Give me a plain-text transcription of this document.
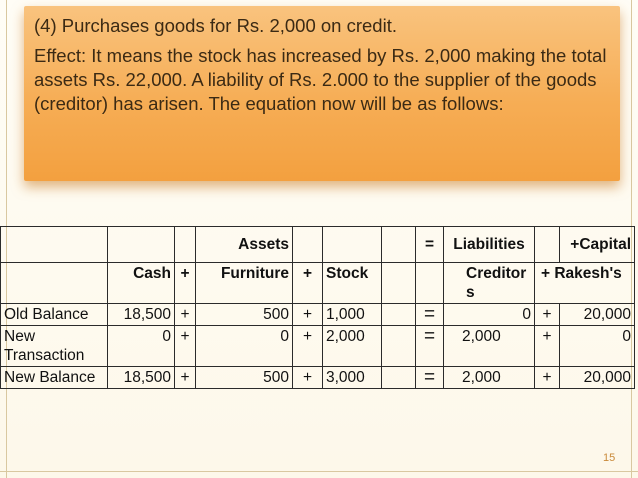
(4) Purchases goods for Rs. 2,000 on credit.
Effect: It means the stock has increased by Rs. 2,000 making the total assets Rs. 22,000. A liability of Rs. 2.000 to the supplier of the goods (creditor) has arisen. The equation now will be as follows:
			Assets				=	Liabilities		+Capital
	Cash	+	Furniture	+	Stock			Creditors	+ Rakesh's	
Old Balance	18,500	+	500	+	1,000		=	0	+	20,000
New Transaction	0	+	0	+	2,000		=	2,000	+	0
New Balance	18,500	+	500	+	3,000		=	2,000	+	20,000
15
